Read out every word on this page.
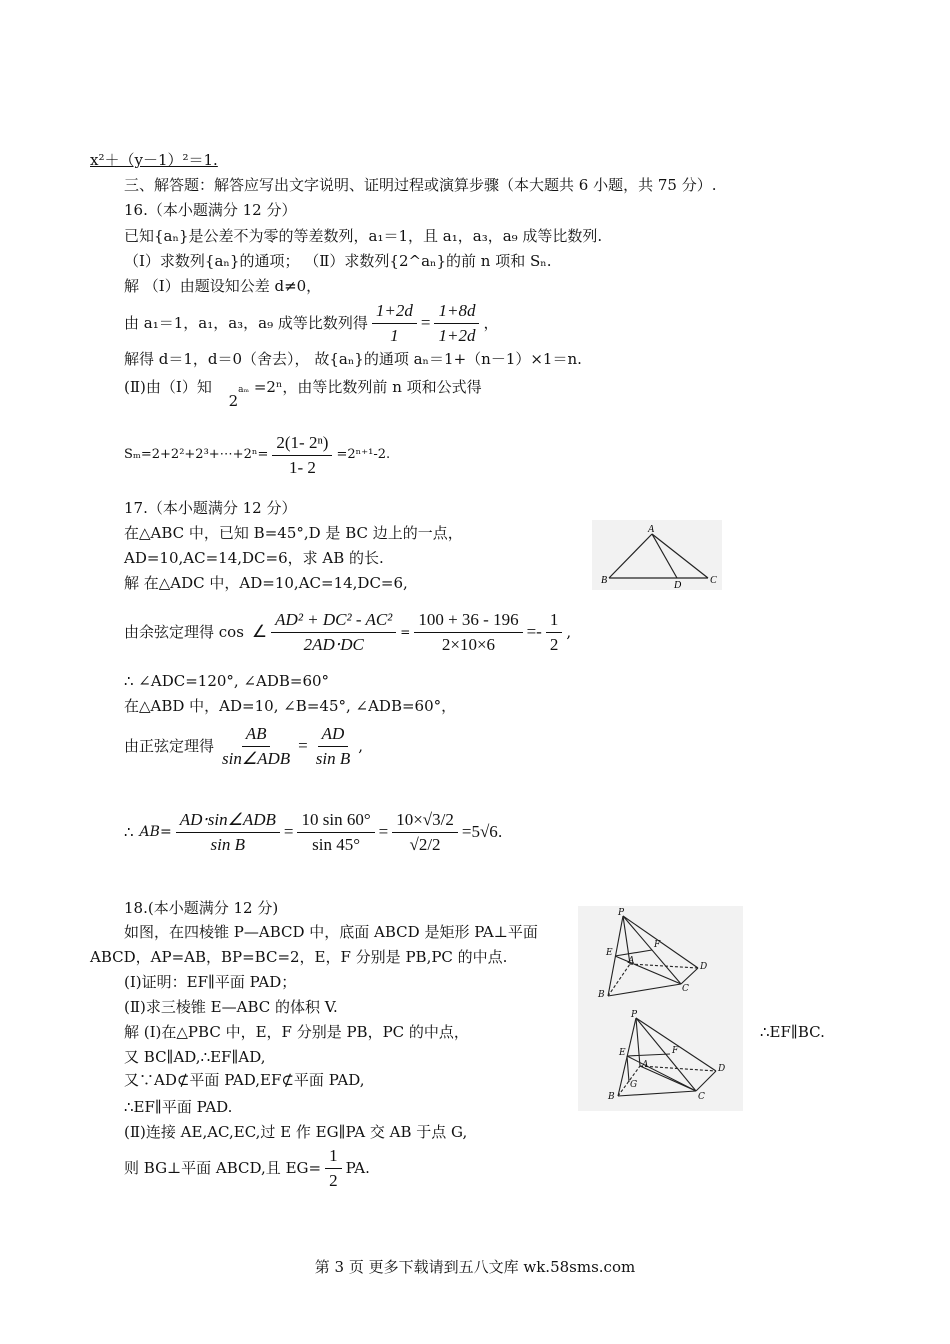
x²＋（y－1）²＝1.
三、解答题：解答应写出文字说明、证明过程或演算步骤（本大题共 6 小题，共 75 分）.
16.（本小题满分 12 分）
已知{aₙ}是公差不为零的等差数列，a₁＝1，且 a₁，a₃，a₉ 成等比数列.
（Ⅰ）求数列{aₙ}的通项； （Ⅱ）求数列{2^aₙ}的前 n 项和 Sₙ.
解 （Ⅰ）由题设知公差 d≠0，
由 a₁＝1，a₁，a₃，a₉ 成等比数列得 $\frac{1+2d}{1} = \frac{1+8d}{1+2d}$ ，
解得 d＝1，d＝0（舍去）， 故{aₙ}的通项 aₙ＝1+（n－1）×1＝n.
(Ⅱ)由（Ⅰ）知 $2^{a_m} =2^n$，由等比数列前 n 项和公式得
Sₘ=2+2²+2³+⋯+2ⁿ= $\frac{\text{2(1- 2ⁿ)}}{1- 2} =2^{n+1}-2$.
17.（本小题满分 12 分）
在△ABC 中，已知 B=45°,D 是 BC 边上的一点，
AD=10,AC=14,DC=6，求 AB 的长.
解 在△ADC 中，AD=10,AC=14,DC=6,
A
B	D	C
由余弦定理得 cos ∠ $\frac{\text{AD² + DC² - AC²}}{2AD\cdot DC} = \frac{100 + 36 - 196}{2\times 10\times 6} =- \frac{1}{2}$ ,
∴ ∠ADC=120°, ∠ADB=60°
在△ABD 中，AD=10, ∠B=45°, ∠ADB=60°，
由正弦定理得 $\frac{AB}{\text{sin∠ADB}} = \frac{AD}{\text{sin B}}$ ,
∴ $AB= \frac{\text{AD⋅sin∠ADB}}{\text{sin B}} = \frac{10 \sin 60^\circ}{\sin 45^\circ} = \frac{10\times√3/2}{√2/2} =5√6$ .
18.(本小题满分 12 分)
如图，在四棱锥 P—ABCD 中，底面 ABCD 是矩形 PA⊥平面
ABCD，AP=AB，BP=BC=2，E，F 分别是 PB,PC 的中点.
(Ⅰ)证明：EF∥平面 PAD；
(Ⅱ)求三棱锥 E—ABC 的体积 V.
解 (Ⅰ)在△PBC 中，E，F 分别是 PB，PC 的中点，	∴EF∥BC.
又 BC∥AD,∴EF∥AD,
又∵AD⊄平面 PAD,EF⊄平面 PAD,
∴EF∥平面 PAD.
(Ⅱ)连接 AE,AC,EC,过 E 作 EG∥PA 交 AB 于点 G,
则 BG⊥平面 ABCD,且 $EG= \frac{1}{2}$ PA.
P
E
F
A
D
B
C
P
E	F
A
G
D
B	C
第 3 页 更多下载请到五八文库 wk.58sms.com
